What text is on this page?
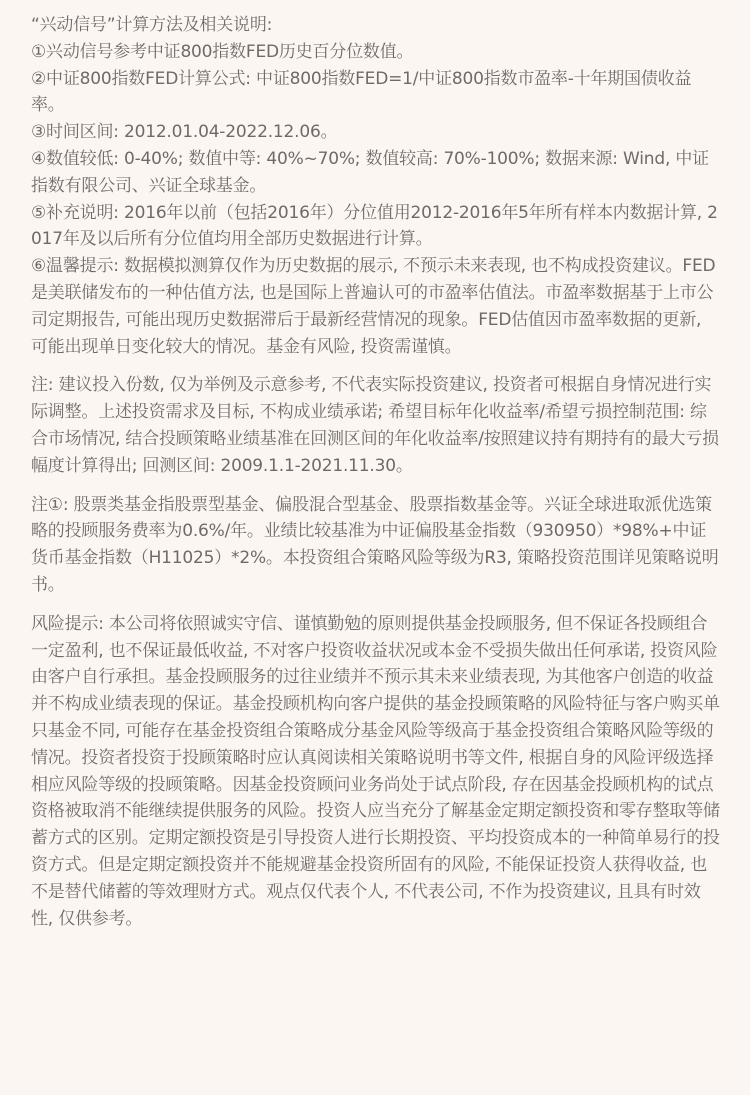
“兴动信号”计算方法及相关说明:
①兴动信号参考中证800指数FED历史百分位数值。
②中证800指数FED计算公式: 中证800指数FED=1/中证800指数市盈率-十年期国债收益率。
③时间区间: 2012.01.04-2022.12.06。
④数值较低: 0-40%; 数值中等: 40%~70%; 数值较高: 70%-100%; 数据来源: Wind, 中证指数有限公司、兴证全球基金。
⑤补充说明: 2016年以前（包括2016年）分位值用2012-2016年5年所有样本内数据计算, 2017年及以后所有分位值均用全部历史数据进行计算。
⑥温馨提示: 数据模拟测算仅作为历史数据的展示, 不预示未来表现, 也不构成投资建议。FED是美联储发布的一种估值方法, 也是国际上普遍认可的市盈率估值法。市盈率数据基于上市公司定期报告, 可能出现历史数据滞后于最新经营情况的现象。FED估值因市盈率数据的更新, 可能出现单日变化较大的情况。基金有风险, 投资需谨慎。
注: 建议投入份数, 仅为举例及示意参考, 不代表实际投资建议, 投资者可根据自身情况进行实际调整。上述投资需求及目标, 不构成业绩承诺; 希望目标年化收益率/希望亏损控制范围: 综合市场情况, 结合投顾策略业绩基准在回测区间的年化收益率/按照建议持有期持有的最大亏损幅度计算得出; 回测区间: 2009.1.1-2021.11.30。
注①: 股票类基金指股票型基金、偏股混合型基金、股票指数基金等。兴证全球进取派优选策略的投顾服务费率为0.6%/年。业绩比较基准为中证偏股基金指数（930950）*98%+中证货币基金指数（H11025）*2%。本投资组合策略风险等级为R3, 策略投资范围详见策略说明书。
风险提示: 本公司将依照诚实守信、谨慎勤勉的原则提供基金投顾服务, 但不保证各投顾组合一定盈利, 也不保证最低收益, 不对客户投资收益状况或本金不受损失做出任何承诺, 投资风险由客户自行承担。基金投顾服务的过往业绩并不预示其未来业绩表现, 为其他客户创造的收益并不构成业绩表现的保证。基金投顾机构向客户提供的基金投顾策略的风险特征与客户购买单只基金不同, 可能存在基金投资组合策略成分基金风险等级高于基金投资组合策略风险等级的情况。投资者投资于投顾策略时应认真阅读相关策略说明书等文件, 根据自身的风险评级选择相应风险等级的投顾策略。因基金投资顾问业务尚处于试点阶段, 存在因基金投顾机构的试点资格被取消不能继续提供服务的风险。投资人应当充分了解基金定期定额投资和零存整取等储蓄方式的区别。定期定额投资是引导投资人进行长期投资、平均投资成本的一种简单易行的投资方式。但是定期定额投资并不能规避基金投资所固有的风险, 不能保证投资人获得收益, 也不是替代储蓄的等效理财方式。观点仅代表个人, 不代表公司, 不作为投资建议, 且具有时效性, 仅供参考。
